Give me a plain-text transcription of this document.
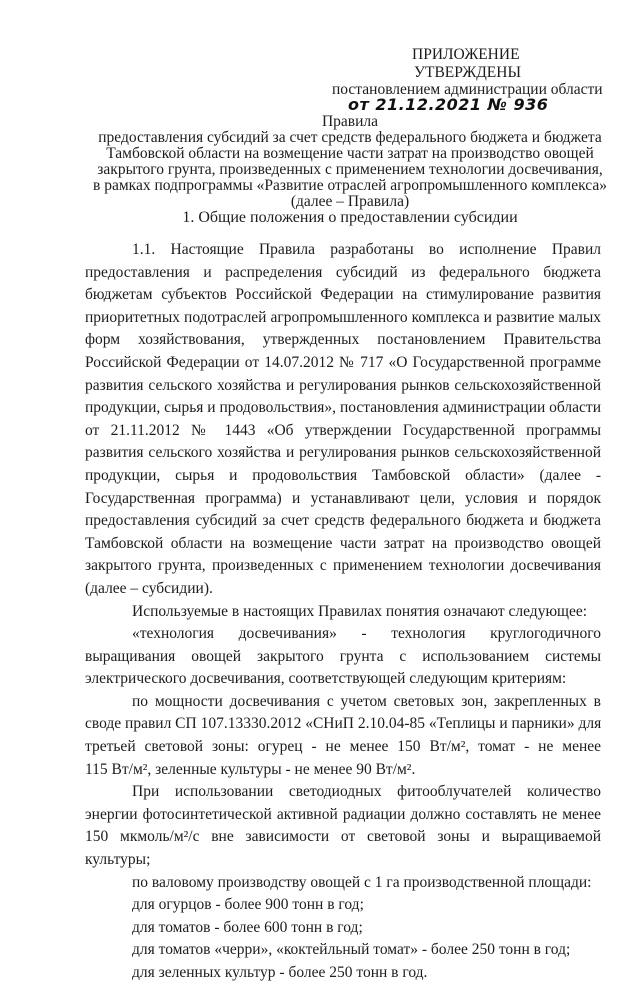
ПРИЛОЖЕНИЕ
УТВЕРЖДЕНЫ
постановлением администрации области
от 21.12.2021 № 936
Правила
предоставления субсидий за счет средств федерального бюджета и бюджета
Тамбовской области на возмещение части затрат на производство овощей
закрытого грунта, произведенных с применением технологии досвечивания,
в рамках подпрограммы «Развитие отраслей агропромышленного комплекса»
(далее – Правила)
1. Общие положения о предоставлении субсидии
1.1. Настоящие Правила разработаны во исполнение Правил
предоставления и распределения субсидий из федерального бюджета
бюджетам субъектов Российской Федерации на стимулирование развития
приоритетных подотраслей агропромышленного комплекса и развитие малых
форм хозяйствования, утвержденных постановлением Правительства
Российской Федерации от 14.07.2012 № 717 «О Государственной программе
развития сельского хозяйства и регулирования рынков сельскохозяйственной
продукции, сырья и продовольствия», постановления администрации области
от 21.11.2012 № 1443 «Об утверждении Государственной программы
развития сельского хозяйства и регулирования рынков сельскохозяйственной
продукции, сырья и продовольствия Тамбовской области» (далее -
Государственная программа) и устанавливают цели, условия и порядок
предоставления субсидий за счет средств федерального бюджета и бюджета
Тамбовской области на возмещение части затрат на производство овощей
закрытого грунта, произведенных с применением технологии досвечивания
(далее – субсидии).
Используемые в настоящих Правилах понятия означают следующее:
«технология досвечивания» - технология круглогодичного
выращивания овощей закрытого грунта с использованием системы
электрического досвечивания, соответствующей следующим критериям:
по мощности досвечивания с учетом световых зон, закрепленных в
своде правил СП 107.13330.2012 «СНиП 2.10.04-85 «Теплицы и парники» для
третьей световой зоны: огурец - не менее 150 Вт/м², томат - не менее
115 Вт/м², зеленные культуры - не менее 90 Вт/м².
При использовании светодиодных фитооблучателей количество
энергии фотосинтетической активной радиации должно составлять не менее
150 мкмоль/м²/с вне зависимости от световой зоны и выращиваемой
культуры;
по валовому производству овощей с 1 га производственной площади:
для огурцов - более 900 тонн в год;
для томатов - более 600 тонн в год;
для томатов «черри», «коктейльный томат» - более 250 тонн в год;
для зеленных культур - более 250 тонн в год.
